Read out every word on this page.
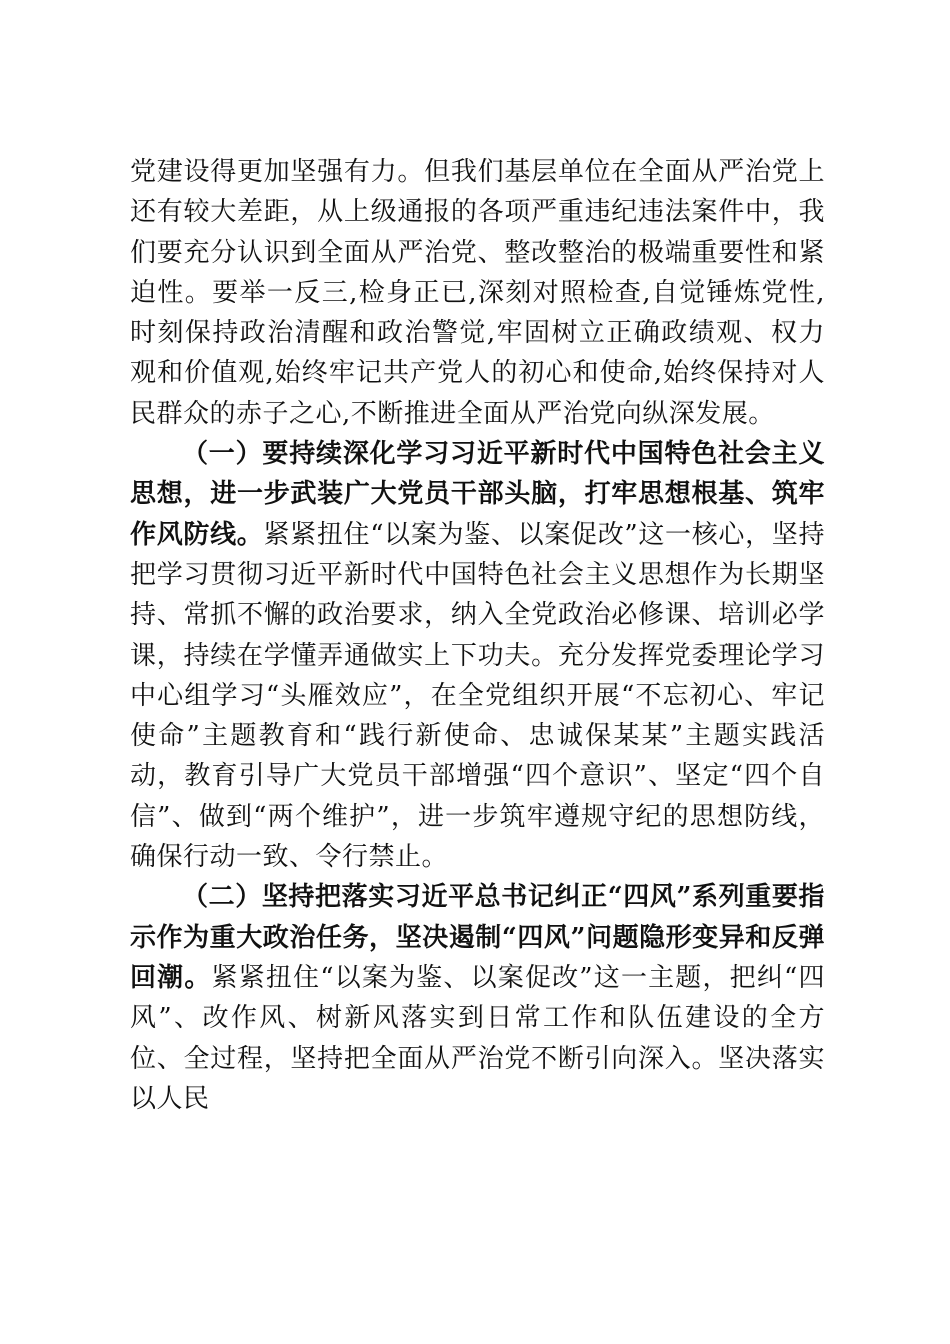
党建设得更加坚强有力。但我们基层单位在全面从严治党上还有较大差距，从上级通报的各项严重违纪违法案件中，我们要充分认识到全面从严治党、整改整治的极端重要性和紧迫性。要举一反三,检身正已,深刻对照检查,自觉锤炼党性,时刻保持政治清醒和政治警觉,牢固树立正确政绩观、权力观和价值观,始终牢记共产党人的初心和使命,始终保持对人民群众的赤子之心,不断推进全面从严治党向纵深发展。

（一）要持续深化学习习近平新时代中国特色社会主义思想，进一步武装广大党员干部头脑，打牢思想根基、筑牢作风防线。紧紧扭住“以案为鉴、以案促改”这一核心，坚持把学习贯彻习近平新时代中国特色社会主义思想作为长期坚持、常抓不懈的政治要求，纳入全党政治必修课、培训必学课，持续在学懂弄通做实上下功夫。充分发挥党委理论学习中心组学习“头雁效应”，在全党组织开展“不忘初心、牢记使命”主题教育和“践行新使命、忠诚保某某”主题实践活动，教育引导广大党员干部增强“四个意识”、坚定“四个自信”、做到“两个维护”，进一步筑牢遵规守纪的思想防线，确保行动一致、令行禁止。

（二）坚持把落实习近平总书记纠正“四风”系列重要指示作为重大政治任务，坚决遏制“四风”问题隐形变异和反弹回潮。紧紧扭住“以案为鉴、以案促改”这一主题，把纠“四风”、改作风、树新风落实到日常工作和队伍建设的全方位、全过程，坚持把全面从严治党不断引向深入。坚决落实以人民
